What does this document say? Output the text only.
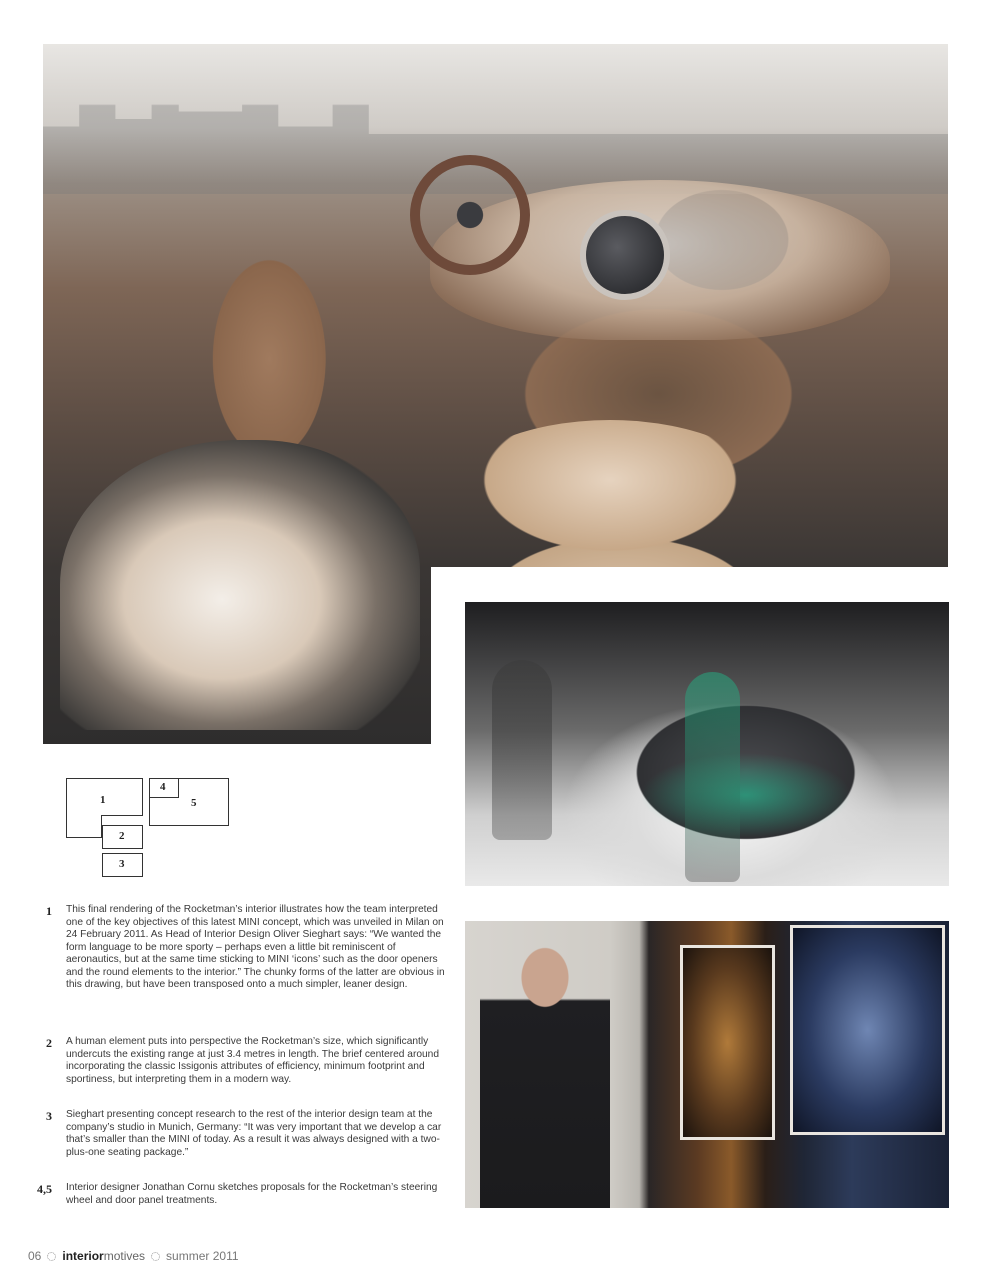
1
2
3
4
5
1 This final rendering of the Rocketman’s interior illustrates how the team interpreted one of the key objectives of this latest MINI concept, which was unveiled in Milan on 24 February 2011. As Head of Interior Design Oliver Sieghart says: “We wanted the form language to be more sporty – perhaps even a little bit reminiscent of aeronautics, but at the same time sticking to MINI ‘icons’ such as the door openers and the round elements to the interior.” The chunky forms of the latter are obvious in this drawing, but have been transposed onto a much simpler, leaner design.
2 A human element puts into perspective the Rocketman’s size, which significantly undercuts the existing range at just 3.4 metres in length. The brief centered around incorporating the classic Issigonis attributes of efficiency, minimum footprint and sportiness, but interpreting them in a modern way.
3 Sieghart presenting concept research to the rest of the interior design team at the company’s studio in Munich, Germany: “It was very important that we develop a car that’s smaller than the MINI of today. As a result it was always designed with a two-plus-one seating package.”
4,5 Interior designer Jonathan Cornu sketches proposals for the Rocketman’s steering wheel and door panel treatments.
06 interiormotives summer 2011
